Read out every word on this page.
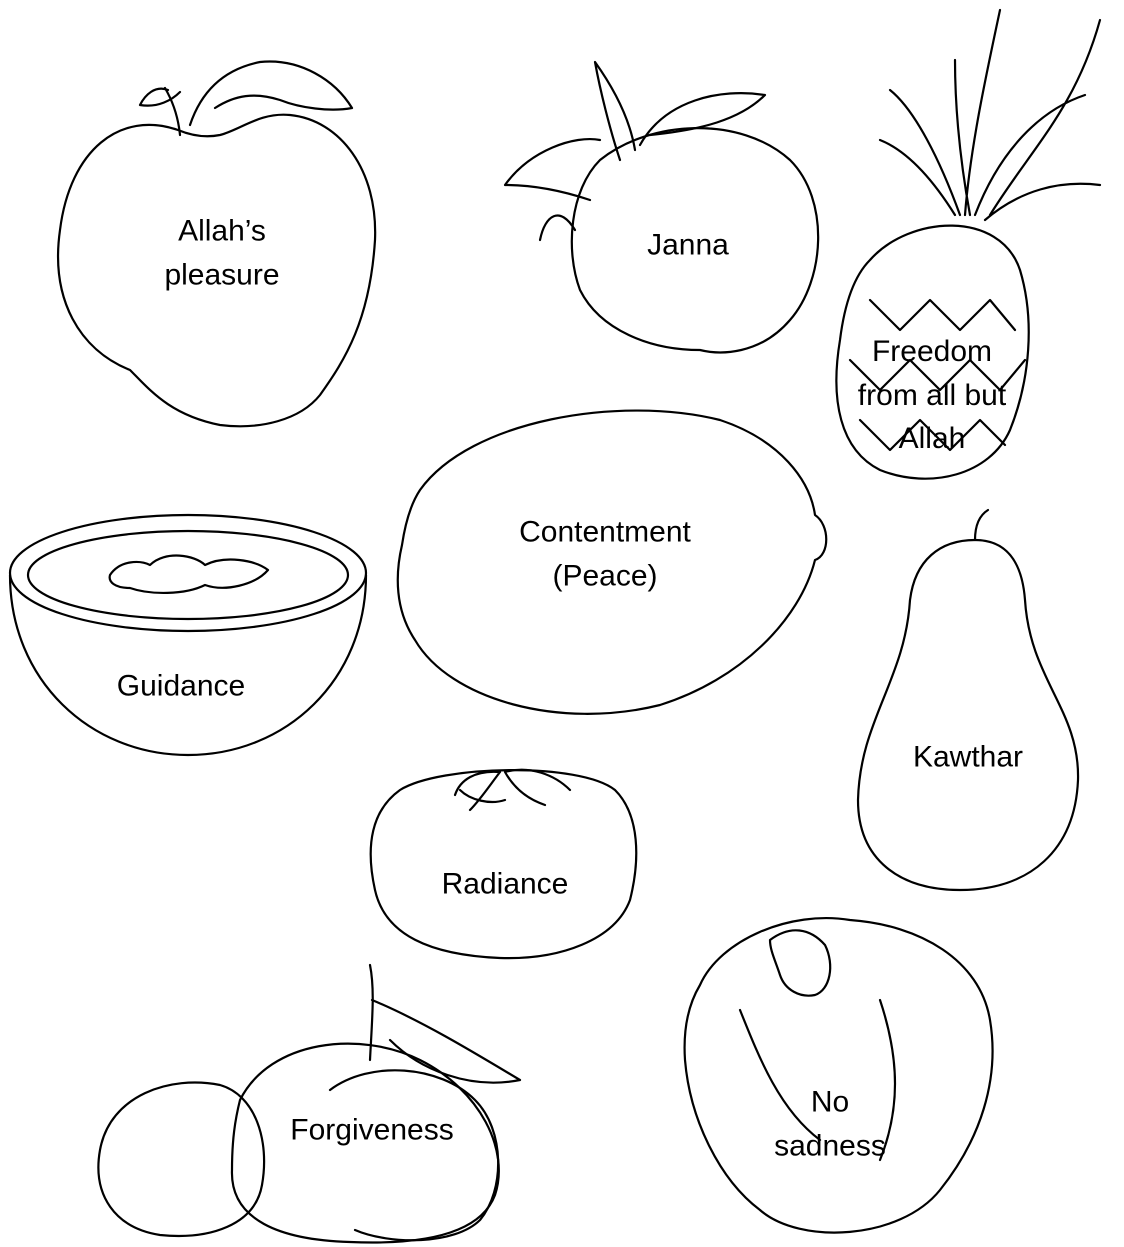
Allah’s
pleasure
Janna
Freedom
from all but
Allah
Contentment
(Peace)
Guidance
Kawthar
Radiance
No
sadness
Forgiveness
